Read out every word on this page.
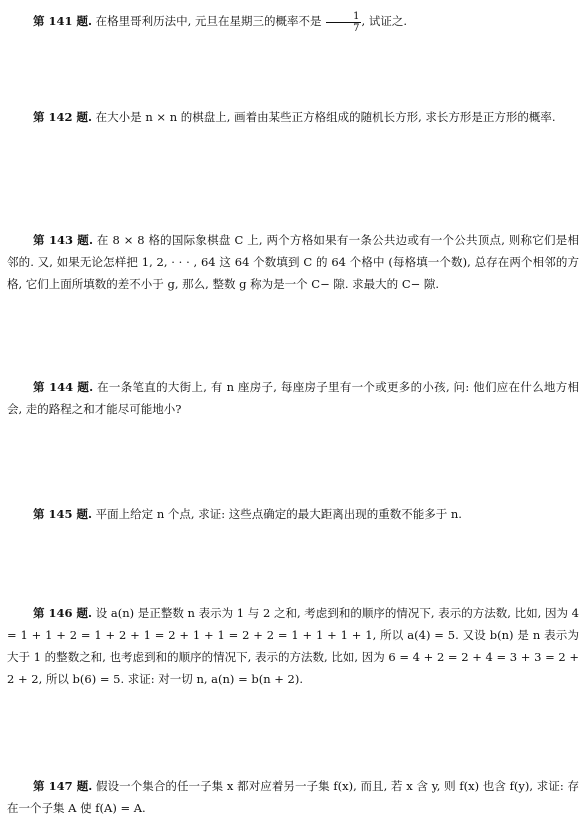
第 141 题. 在格里哥利历法中, 元旦在星期三的概率不是 $\frac{1}{7}$ , 试证之.

第 142 题. 在大小是 n × n 的棋盘上, 画着由某些正方格组成的随机长方形, 求长方形是正方形的概率.

第 143 题. 在 8 × 8 格的国际象棋盘 C 上, 两个方格如果有一条公共边或有一个公共顶点, 则称它们是相邻的. 又, 如果无论怎样把 1, 2, · · · , 64 这 64 个数填到 C 的 64 个格中 (每格填一个数), 总存在两个相邻的方格, 它们上面所填数的差不小于 g, 那么, 整数 g 称为是一个 C− 隙. 求最大的 C− 隙.

第 144 题. 在一条笔直的大街上, 有 n 座房子, 每座房子里有一个或更多的小孩, 问: 他们应在什么地方相会, 走的路程之和才能尽可能地小?

第 145 题. 平面上给定 n 个点, 求证: 这些点确定的最大距离出现的重数不能多于 n.

第 146 题. 设 a(n) 是正整数 n 表示为 1 与 2 之和, 考虑到和的顺序的情况下, 表示的方法数, 比如, 因为 4 = 1 + 1 + 2 = 1 + 2 + 1 = 2 + 1 + 1 = 2 + 2 = 1 + 1 + 1 + 1, 所以 a(4) = 5. 又设 b(n) 是 n 表示为大于 1 的整数之和, 也考虑到和的顺序的情况下, 表示的方法数, 比如, 因为 6 = 4 + 2 = 2 + 4 = 3 + 3 = 2 + 2 + 2, 所以 b(6) = 5. 求证: 对一切 n, a(n) = b(n + 2).

第 147 题. 假设一个集合的任一子集 x 都对应着另一子集 f(x), 而且, 若 x 含 y, 则 f(x) 也含 f(y), 求证: 存在一个子集 A 使 f(A) = A.
